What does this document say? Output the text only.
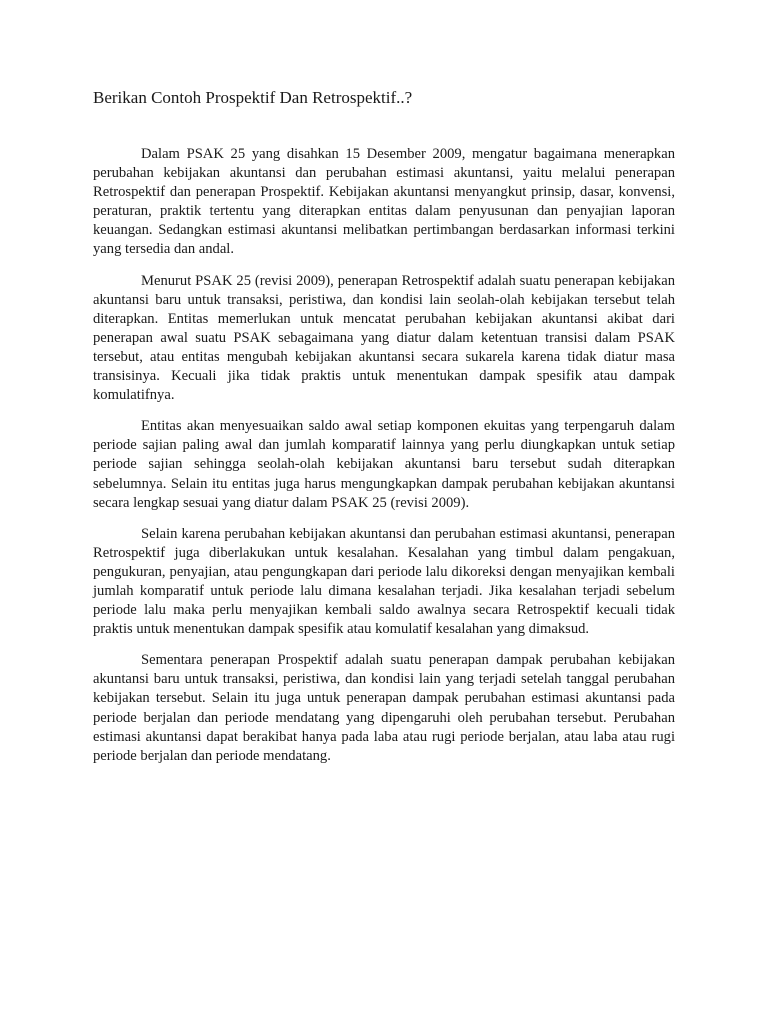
Berikan Contoh Prospektif Dan Retrospektif..?

Dalam PSAK 25 yang disahkan 15 Desember 2009, mengatur bagaimana menerapkan perubahan kebijakan akuntansi dan perubahan estimasi akuntansi, yaitu melalui penerapan Retrospektif dan penerapan Prospektif. Kebijakan akuntansi menyangkut prinsip, dasar, konvensi, peraturan, praktik tertentu yang diterapkan entitas dalam penyusunan dan penyajian laporan keuangan. Sedangkan estimasi akuntansi melibatkan pertimbangan berdasarkan informasi terkini yang tersedia dan andal.

Menurut PSAK 25 (revisi 2009), penerapan Retrospektif adalah suatu penerapan kebijakan akuntansi baru untuk transaksi, peristiwa, dan kondisi lain seolah-olah kebijakan tersebut telah diterapkan. Entitas memerlukan untuk mencatat perubahan kebijakan akuntansi akibat dari penerapan awal suatu PSAK sebagaimana yang diatur dalam ketentuan transisi dalam PSAK tersebut, atau entitas mengubah kebijakan akuntansi secara sukarela karena tidak diatur masa transisinya. Kecuali jika tidak praktis untuk menentukan dampak spesifik atau dampak komulatifnya.

Entitas akan menyesuaikan saldo awal setiap komponen ekuitas yang terpengaruh dalam periode sajian paling awal dan jumlah komparatif lainnya yang perlu diungkapkan untuk setiap periode sajian sehingga seolah-olah kebijakan akuntansi baru tersebut sudah diterapkan sebelumnya. Selain itu entitas juga harus mengungkapkan dampak perubahan kebijakan akuntansi secara lengkap sesuai yang diatur dalam PSAK 25 (revisi 2009).

Selain karena perubahan kebijakan akuntansi dan perubahan estimasi akuntansi, penerapan Retrospektif juga diberlakukan untuk kesalahan. Kesalahan yang timbul dalam pengakuan, pengukuran, penyajian, atau pengungkapan dari periode lalu dikoreksi dengan menyajikan kembali jumlah komparatif untuk periode lalu dimana kesalahan terjadi. Jika kesalahan terjadi sebelum periode lalu maka perlu menyajikan kembali saldo awalnya secara Retrospektif kecuali tidak praktis untuk menentukan dampak spesifik atau komulatif kesalahan yang dimaksud.

Sementara penerapan Prospektif adalah suatu penerapan dampak perubahan kebijakan akuntansi baru untuk transaksi, peristiwa, dan kondisi lain yang terjadi setelah tanggal perubahan kebijakan tersebut. Selain itu juga untuk penerapan dampak perubahan estimasi akuntansi pada periode berjalan dan periode mendatang yang dipengaruhi oleh perubahan tersebut. Perubahan estimasi akuntansi dapat berakibat hanya pada laba atau rugi periode berjalan, atau laba atau rugi periode berjalan dan periode mendatang.
